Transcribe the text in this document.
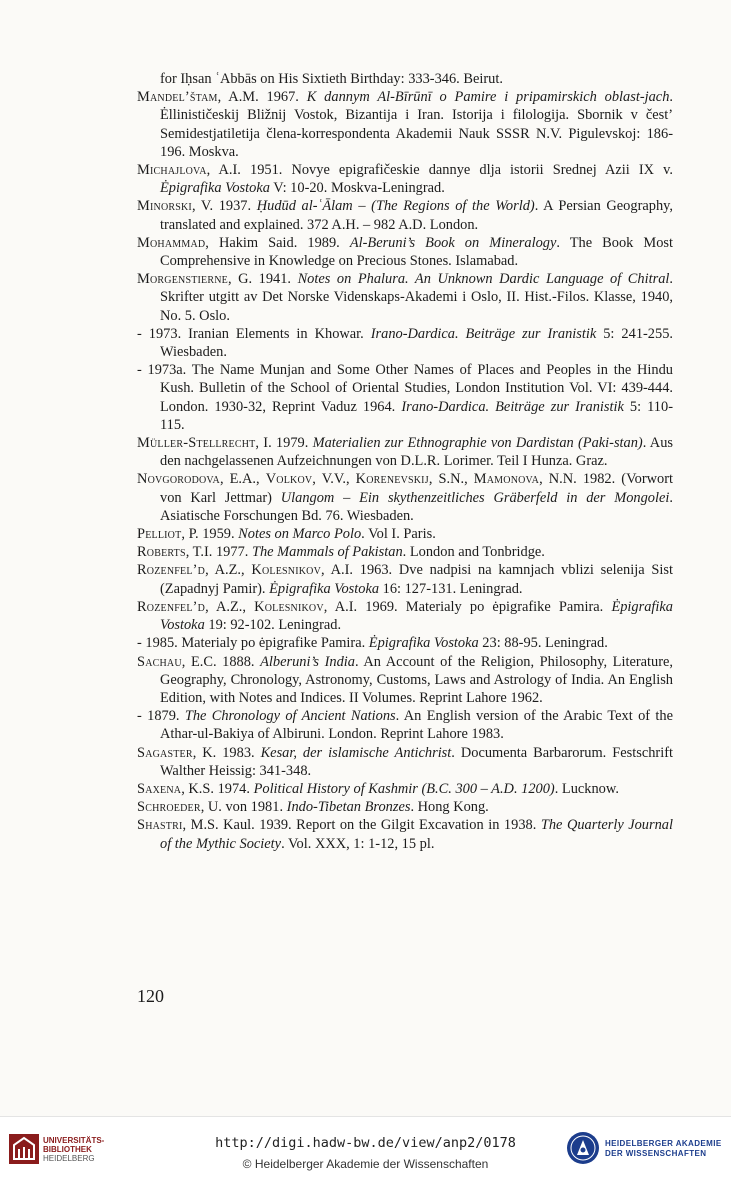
for Iḥsan ʿAbbās on His Sixtieth Birthday: 333-346. Beirut.

Mandel’štam, A.M. 1967. K dannym Al-Bīrūnī o Pamire i pripamirskich oblast-jach. Ėllinističeskij Bližnij Vostok, Bizantija i Iran. Istorija i filologija. Sbornik v čest’ Semidestjatiletija člena-korrespondenta Akademii Nauk SSSR N.V. Pigulevskoj: 186-196. Moskva.

Michajlova, A.I. 1951. Novye epigrafičeskie dannye dlja istorii Srednej Azii IX v. Ėpigrafika Vostoka V: 10-20. Moskva-Leningrad.

Minorski, V. 1937. Ḥudūd al-ʿĀlam – (The Regions of the World). A Persian Geography, translated and explained. 372 A.H. – 982 A.D. London.

Mohammad, Hakim Said. 1989. Al-Beruni’s Book on Mineralogy. The Book Most Comprehensive in Knowledge on Precious Stones. Islamabad.

Morgenstierne, G. 1941. Notes on Phalura. An Unknown Dardic Language of Chitral. Skrifter utgitt av Det Norske Videnskaps-Akademi i Oslo, II. Hist.-Filos. Klasse, 1940, No. 5. Oslo.

- 1973. Iranian Elements in Khowar. Irano-Dardica. Beiträge zur Iranistik 5: 241-255. Wiesbaden.

- 1973a. The Name Munjan and Some Other Names of Places and Peoples in the Hindu Kush. Bulletin of the School of Oriental Studies, London Institution Vol. VI: 439-444. London. 1930-32, Reprint Vaduz 1964. Irano-Dardica. Beiträge zur Iranistik 5: 110-115.

Müller-Stellrecht, I. 1979. Materialien zur Ethnographie von Dardistan (Paki-stan). Aus den nachgelassenen Aufzeichnungen von D.L.R. Lorimer. Teil I Hunza. Graz.

Novgorodova, E.A., Volkov, V.V., Korenevskij, S.N., Mamonova, N.N. 1982. (Vorwort von Karl Jettmar) Ulangom – Ein skythenzeitliches Gräberfeld in der Mongolei. Asiatische Forschungen Bd. 76. Wiesbaden.

Pelliot, P. 1959. Notes on Marco Polo. Vol I. Paris.

Roberts, T.I. 1977. The Mammals of Pakistan. London and Tonbridge.

Rozenfel’d, A.Z., Kolesnikov, A.I. 1963. Dve nadpisi na kamnjach vblizi selenija Sist (Zapadnyj Pamir). Ėpigrafika Vostoka 16: 127-131. Leningrad.

Rozenfel’d, A.Z., Kolesnikov, A.I. 1969. Materialy po ėpigrafike Pamira. Ėpigrafika Vostoka 19: 92-102. Leningrad.

- 1985. Materialy po ėpigrafike Pamira. Ėpigrafika Vostoka 23: 88-95. Leningrad.

Sachau, E.C. 1888. Alberuni’s India. An Account of the Religion, Philosophy, Literature, Geography, Chronology, Astronomy, Customs, Laws and Astrology of India. An English Edition, with Notes and Indices. II Volumes. Reprint Lahore 1962.

- 1879. The Chronology of Ancient Nations. An English version of the Arabic Text of the Athar-ul-Bakiya of Albiruni. London. Reprint Lahore 1983.

Sagaster, K. 1983. Kesar, der islamische Antichrist. Documenta Barbarorum. Festschrift Walther Heissig: 341-348.

Saxena, K.S. 1974. Political History of Kashmir (B.C. 300 – A.D. 1200). Lucknow.

Schroeder, U. von 1981. Indo-Tibetan Bronzes. Hong Kong.

Shastri, M.S. Kaul. 1939. Report on the Gilgit Excavation in 1938. The Quarterly Journal of the Mythic Society. Vol. XXX, 1: 1-12, 15 pl.

120
UNIVERSITÄTS-
BIBLIOTHEK
HEIDELBERG
http://digi.hadw-bw.de/view/anp2/0178
© Heidelberger Akademie der Wissenschaften
HEIDELBERGER AKADEMIE
DER WISSENSCHAFTEN
